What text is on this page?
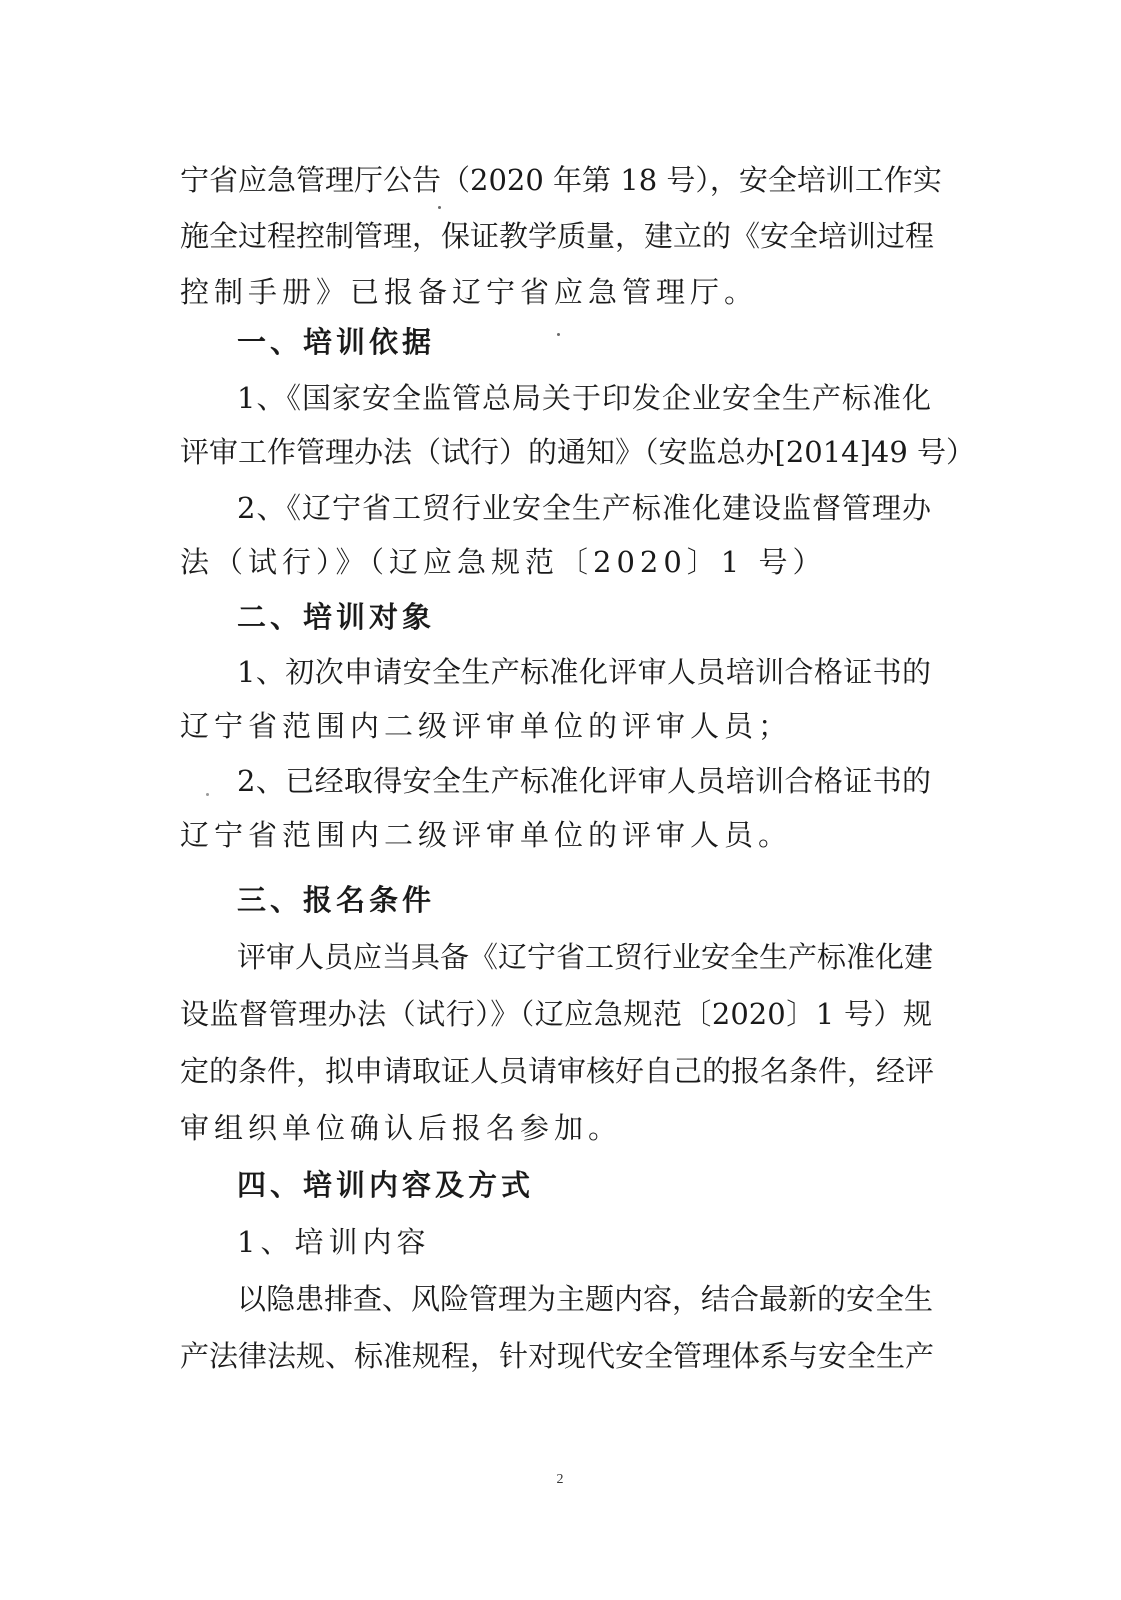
宁省应急管理厅公告（2020 年第 18 号），安全培训工作实
施全过程控制管理，保证教学质量，建立的《安全培训过程
控制手册》已报备辽宁省应急管理厅。
一、培训依据
1、《国家安全监管总局关于印发企业安全生产标准化
评审工作管理办法（试行）的通知》（安监总办[2014]49 号）
2、《辽宁省工贸行业安全生产标准化建设监督管理办
法（试行）》（辽应急规范〔2020〕1 号）
二、培训对象
1、初次申请安全生产标准化评审人员培训合格证书的
辽宁省范围内二级评审单位的评审人员；
2、已经取得安全生产标准化评审人员培训合格证书的
辽宁省范围内二级评审单位的评审人员。
三、报名条件
评审人员应当具备《辽宁省工贸行业安全生产标准化建
设监督管理办法（试行）》（辽应急规范〔2020〕1 号）规
定的条件，拟申请取证人员请审核好自己的报名条件，经评
审组织单位确认后报名参加。
四、培训内容及方式
1、培训内容
以隐患排查、风险管理为主题内容，结合最新的安全生
产法律法规、标准规程，针对现代安全管理体系与安全生产
2
